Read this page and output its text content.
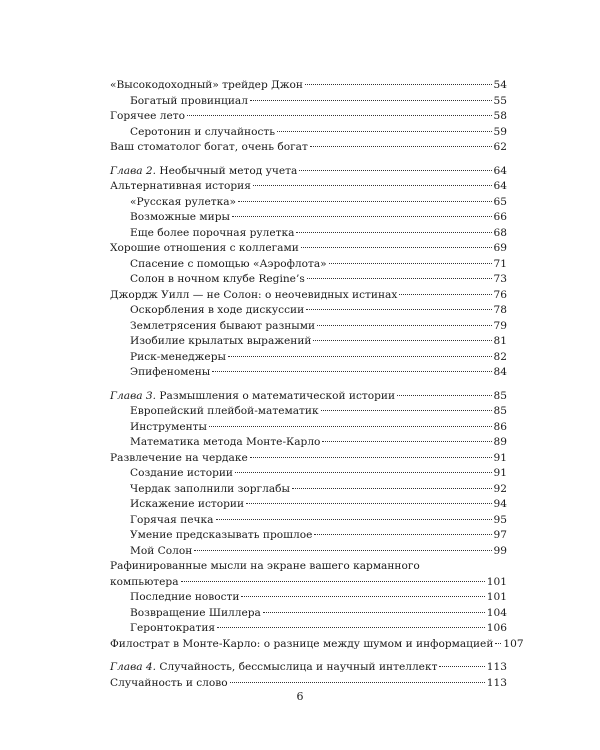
«Высокодоходный» трейдер Джон	54
Богатый провинциал	55
Горячее лето	58
Серотонин и случайность	59
Ваш стоматолог богат, очень богат	62
Глава 2. Необычный метод учета	64
Альтернативная история	64
«Русская рулетка»	65
Возможные миры	66
Еще более порочная рулетка	68
Хорошие отношения с коллегами	69
Спасение с помощью «Аэрофлота»	71
Солон в ночном клубе Regine’s	73
Джордж Уилл — не Солон: о неочевидных истинах	76
Оскорбления в ходе дискуссии	78
Землетрясения бывают разными	79
Изобилие крылатых выражений	81
Риск-менеджеры	82
Эпифеномены	84
Глава 3. Размышления о математической истории	85
Европейский плейбой-математик	85
Инструменты	86
Математика метода Монте-Карло	89
Развлечение на чердаке	91
Создание истории	91
Чердак заполнили зорглабы	92
Искажение истории	94
Горячая печка	95
Умение предсказывать прошлое	97
Мой Солон	99
Рафинированные мысли на экране вашего карманного
компьютера	101
Последние новости	101
Возвращение Шиллера	104
Геронтократия	106
Филострат в Монте-Карло: о разнице между шумом и информацией 107
Глава 4. Случайность, бессмыслица и научный интеллект	113
Случайность и слово	113
6
